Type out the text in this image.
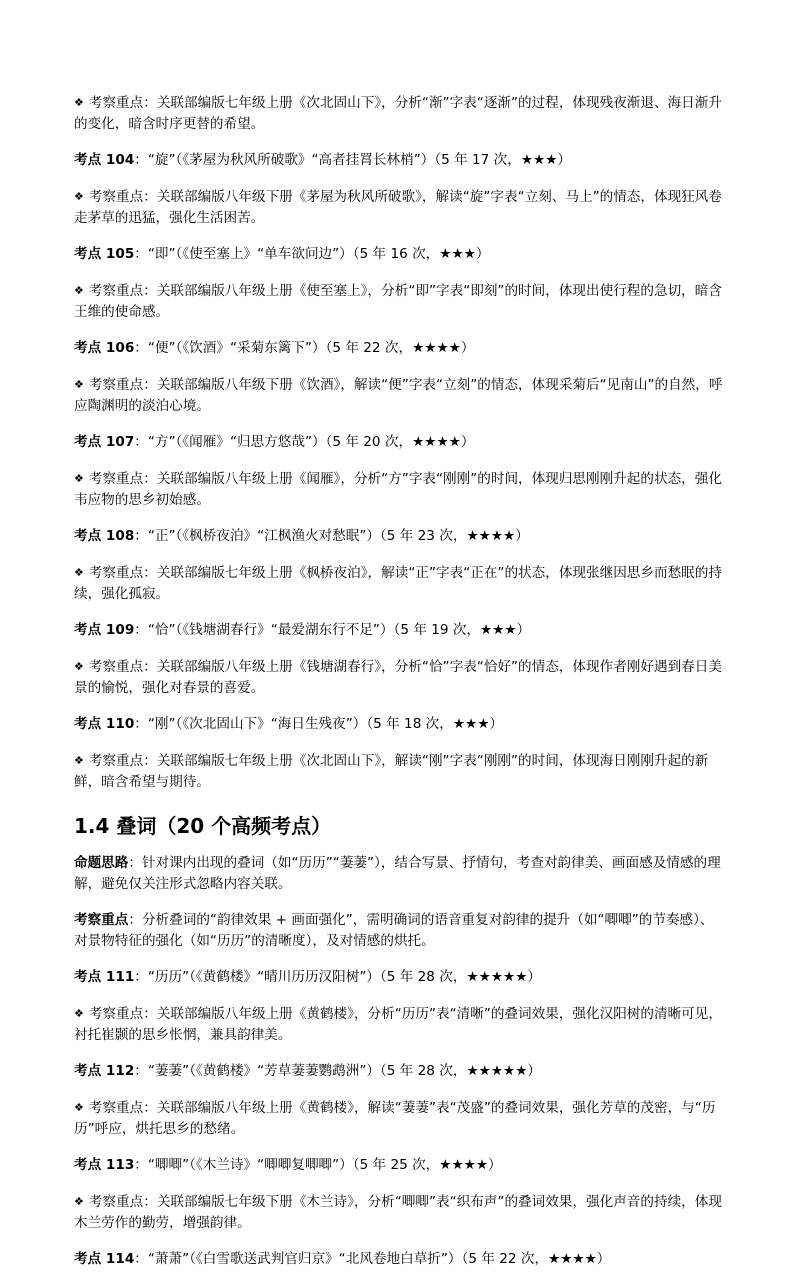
❖ 考察重点：关联部编版七年级上册《次北固山下》，分析“渐”字表“逐渐”的过程，体现残夜渐退、海日渐升的变化，暗含时序更替的希望。
考点 104：“旋”（《茅屋为秋风所破歌》“高者挂罥长林梢”）（5 年 17 次，★★★）
❖ 考察重点：关联部编版八年级下册《茅屋为秋风所破歌》，解读“旋”字表“立刻、马上”的情态，体现狂风卷走茅草的迅猛，强化生活困苦。
考点 105：“即”（《使至塞上》“单车欲问边”）（5 年 16 次，★★★）
❖ 考察重点：关联部编版八年级上册《使至塞上》，分析“即”字表“即刻”的时间，体现出使行程的急切，暗含王维的使命感。
考点 106：“便”（《饮酒》“采菊东篱下”）（5 年 22 次，★★★★）
❖ 考察重点：关联部编版八年级下册《饮酒》，解读“便”字表“立刻”的情态，体现采菊后“见南山”的自然，呼应陶渊明的淡泊心境。
考点 107：“方”（《闻雁》“归思方悠哉”）（5 年 20 次，★★★★）
❖ 考察重点：关联部编版八年级上册《闻雁》，分析“方”字表“刚刚”的时间，体现归思刚刚升起的状态，强化韦应物的思乡初始感。
考点 108：“正”（《枫桥夜泊》“江枫渔火对愁眠”）（5 年 23 次，★★★★）
❖ 考察重点：关联部编版七年级上册《枫桥夜泊》，解读“正”字表“正在”的状态，体现张继因思乡而愁眠的持续，强化孤寂。
考点 109：“恰”（《钱塘湖春行》“最爱湖东行不足”）（5 年 19 次，★★★）
❖ 考察重点：关联部编版八年级上册《钱塘湖春行》，分析“恰”字表“恰好”的情态，体现作者刚好遇到春日美景的愉悦，强化对春景的喜爱。
考点 110：“刚”（《次北固山下》“海日生残夜”）（5 年 18 次，★★★）
❖ 考察重点：关联部编版七年级上册《次北固山下》，解读“刚”字表“刚刚”的时间，体现海日刚刚升起的新鲜，暗含希望与期待。
1.4 叠词（20 个高频考点）
命题思路：针对课内出现的叠词（如“历历”“萋萋”），结合写景、抒情句，考查对韵律美、画面感及情感的理解，避免仅关注形式忽略内容关联。
考察重点：分析叠词的“韵律效果 + 画面强化”，需明确词的语音重复对韵律的提升（如“唧唧”的节奏感）、对景物特征的强化（如“历历”的清晰度），及对情感的烘托。
考点 111：“历历”（《黄鹤楼》“晴川历历汉阳树”）（5 年 28 次，★★★★★）
❖ 考察重点：关联部编版八年级上册《黄鹤楼》，分析“历历”表“清晰”的叠词效果，强化汉阳树的清晰可见，衬托崔颢的思乡怅惘，兼具韵律美。
考点 112：“萋萋”（《黄鹤楼》“芳草萋萋鹦鹉洲”）（5 年 28 次，★★★★★）
❖ 考察重点：关联部编版八年级上册《黄鹤楼》，解读“萋萋”表“茂盛”的叠词效果，强化芳草的茂密，与“历历”呼应，烘托思乡的愁绪。
考点 113：“唧唧”（《木兰诗》“唧唧复唧唧”）（5 年 25 次，★★★★）
❖ 考察重点：关联部编版七年级下册《木兰诗》，分析“唧唧”表“织布声”的叠词效果，强化声音的持续，体现木兰劳作的勤劳，增强韵律。
考点 114：“萧萧”（《白雪歌送武判官归京》“北风卷地白草折”）（5 年 22 次，★★★★）
